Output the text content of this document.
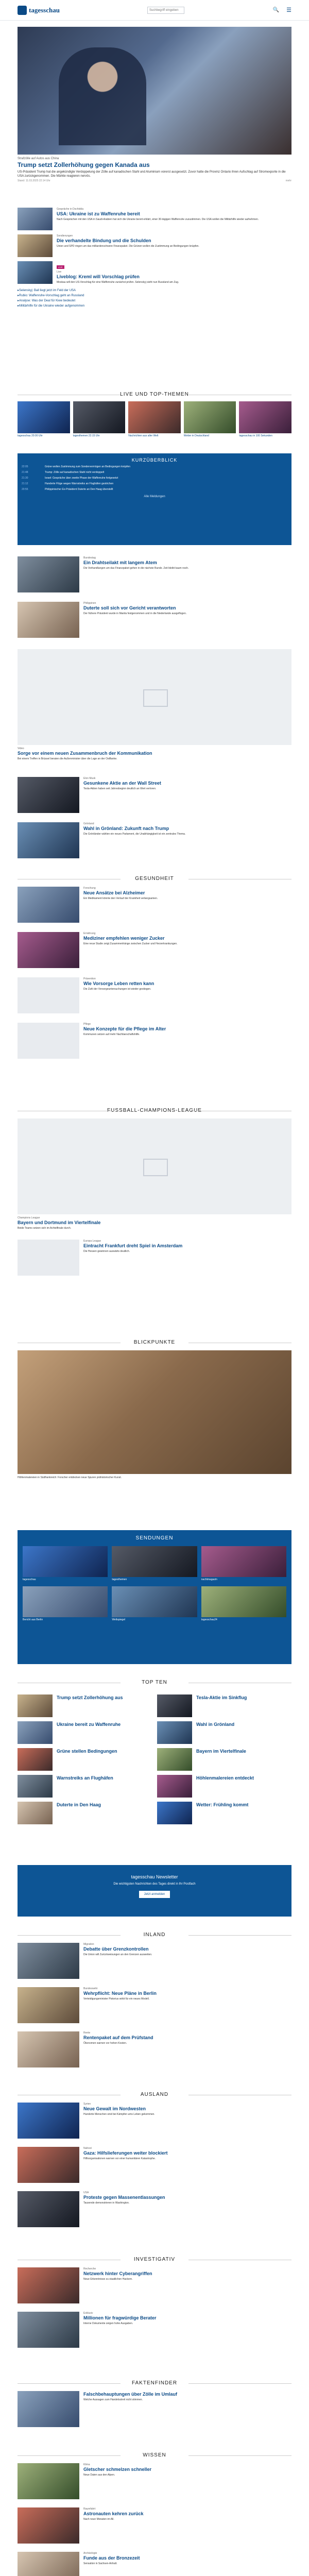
tagesschau	Suchbegriff eingeben	🔍 ☰
Strafzölle auf Autos aus China
Trump setzt Zollerhöhung gegen Kanada aus
US-Präsident Trump hat die angekündigte Verdoppelung der Zölle auf kanadischen Stahl und Aluminium vorerst ausgesetzt. Zuvor hatte die Provinz Ontario ihren Aufschlag auf Stromexporte in die USA zurückgenommen. Die Märkte reagieren nervös.
Stand: 11.03.2025 22:14 Uhr	mehr
Gespräche in Dschidda
USA: Ukraine ist zu Waffenruhe bereit
Nach Gesprächen mit den USA in Saudi-Arabien hat sich die Ukraine bereit erklärt, einer 30-tägigen Waffenruhe zuzustimmen. Die USA wollen die Militärhilfe wieder aufnehmen.
Sondierungen
Die verhandelte Bindung und die Schulden
Union und SPD ringen um das milliardenschwere Finanzpaket. Die Grünen wollen die Zustimmung an Bedingungen knüpfen.
LIVE
Live
Liveblog: Kreml will Vorschlag prüfen
Moskau will den US-Vorschlag für eine Waffenruhe zunächst prüfen. Selenskyj sieht nun Russland am Zug.
▸ Selenskyj: Ball liegt jetzt im Feld der USA
▸ Rubio: Waffenruhe-Vorschlag geht an Russland
▸ Analyse: Was der Deal für Kiew bedeutet
▸ Militärhilfe für die Ukraine wieder aufgenommen
LIVE UND TOP-THEMEN
tagesschau 20:00 Uhr	tagesthemen 22:15 Uhr	Nachrichten aus aller Welt	Wetter in Deutschland	tagesschau in 100 Sekunden
KURZÜBERBLICK
22:05	Grüne wollen Zustimmung zum Sondervermögen an Bedingungen knüpfen
21:48	Trump: Zölle auf kanadischen Stahl nicht verdoppelt
21:30	Israel: Gespräche über zweite Phase der Waffenruhe fortgesetzt
21:12	Hunderte Flüge wegen Warnstreiks an Flughäfen gestrichen
20:55	Philippinischer Ex-Präsident Duterte an Den Haag überstellt
Alle Meldungen
Bundestag
Ein Drahtseilakt mit langem Atem
Die Verhandlungen um das Finanzpaket gehen in die nächste Runde. Zeit bleibt kaum noch.
Philippinen
Duterte soll sich vor Gericht verantworten
Der frühere Präsident wurde in Manila festgenommen und in die Niederlande ausgeflogen.
Video
Sorge vor einem neuen Zusammenbruch der Kommunikation
Bei einem Treffen in Brüssel beraten die Außenminister über die Lage an der Ostflanke.
Elon Musk
Gesunkene Aktie an der Wall Street
Tesla-Aktien haben seit Jahresbeginn deutlich an Wert verloren.
Grönland
Wahl in Grönland: Zukunft nach Trump
Die Grönländer wählen ein neues Parlament, die Unabhängigkeit ist ein zentrales Thema.
GESUNDHEIT
Forschung
Neue Ansätze bei Alzheimer
Ein Medikament könnte den Verlauf der Krankheit verlangsamen.
Ernährung
Mediziner empfehlen weniger Zucker
Eine neue Studie zeigt Zusammenhänge zwischen Zucker und Herzerkrankungen.
Prävention
Wie Vorsorge Leben retten kann
Die Zahl der Vorsorgeuntersuchungen ist wieder gestiegen.
Pflege
Neue Konzepte für die Pflege im Alter
Kommunen setzen auf mehr Nachbarschaftshilfe.
FUSSBALL-CHAMPIONS-LEAGUE
Champions League
Bayern und Dortmund im Viertelfinale
Beide Teams setzen sich im Achtelfinale durch.
Europa League
Eintracht Frankfurt dreht Spiel in Amsterdam
Die Hessen gewinnen auswärts deutlich.
BLICKPUNKTE
Höhlenmalereien in Südfrankreich: Forscher entdecken neue Spuren prähistorischer Kunst.
SENDUNGEN
tagesschau	tagesthemen	nachtmagazin
Bericht aus Berlin	Weltspiegel	tagesschau24
TOP TEN
Trump setzt Zollerhöhung aus
Ukraine bereit zu Waffenruhe
Grüne stellen Bedingungen
Warnstreiks an Flughäfen
Duterte in Den Haag
Tesla-Aktie im Sinkflug
Wahl in Grönland
Bayern im Viertelfinale
Höhlenmalereien entdeckt
Wetter: Frühling kommt
tagesschau Newsletter
Die wichtigsten Nachrichten des Tages direkt in Ihr Postfach
Jetzt anmelden
INLAND
Migration
Debatte über Grenzkontrollen
Die Union will Zurückweisungen an den Grenzen ausweiten.
Bundeswehr
Wehrpflicht: Neue Pläne in Berlin
Verteidigungsminister Pistorius wirbt für ein neues Modell.
Rente
Rentenpaket auf dem Prüfstand
Ökonomen warnen vor hohen Kosten.
AUSLAND
Syrien
Neue Gewalt im Nordwesten
Hunderte Menschen sind bei Kämpfen ums Leben gekommen.
Nahost
Gaza: Hilfslieferungen weiter blockiert
Hilfsorganisationen warnen vor einer humanitären Katastrophe.
USA
Proteste gegen Massenentlassungen
Tausende demonstrieren in Washington.
INVESTIGATIV
Recherche
Netzwerk hinter Cyberangriffen
Neue Erkenntnisse zu staatlichen Hackern.
Exklusiv
Millionen für fragwürdige Berater
Interne Dokumente zeigen hohe Ausgaben.
FAKTENFINDER
Falschbehauptungen über Zölle im Umlauf
Welche Aussagen zum Handelsstreit nicht stimmen.
WISSEN
Klima
Gletscher schmelzen schneller
Neue Daten aus den Alpen.
Raumfahrt
Astronauten kehren zurück
Nach neun Monaten im All.
Archäologie
Funde aus der Bronzezeit
Sensation in Sachsen-Anhalt.
